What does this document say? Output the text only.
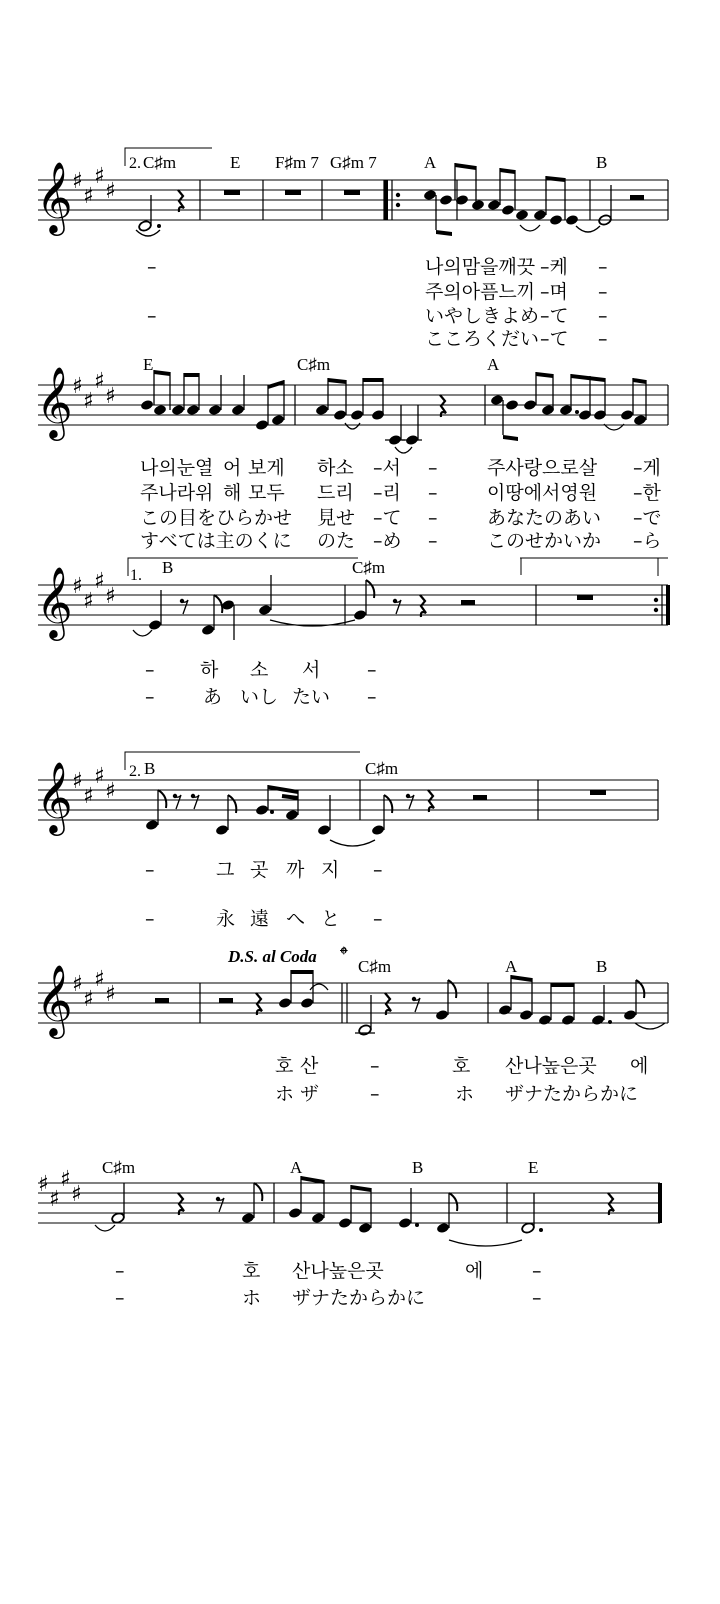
𝄞 ♯
♯
♯
♯
𝄞 ♯
♯
♯
♯
𝄞 ♯
♯
♯
♯
𝄞 ♯
♯
♯
♯
𝄞 ♯
♯
♯
♯
𝄌
♯
♯
♯
♯
C♯m	E F♯m 7 G♯m 7	A	B
2.
E	C♯m	A
1. B	C♯m
2. B	C♯m
D.S. al Coda
C♯m	A	B
C♯m	A	B	E
–	나의맘을깨끗 –케 –
주의아픔느끼 –며 –
–	いやしきよめ –て –
こころくだい –て –
나의눈열 어 보게 하소 –서 –	주사랑으로살 –게
주나라위 해 모두 드리 –리 –	이땅에서영원 –한
この目をひらかせ 見せ –て –	あなたのあい –で
すべては主のくに のた –め –	このせかいか –ら
– 하 소 서 –
–	あ いし たい –
–	그 곳 까 지 –
–	永 遠 へ と –
호 산	–	호 산나높은곳 에
ホ ザ	–	ホ ザナたからかに
–	호 산나높은곳	에	–
–	ホ ザナたからかに	–
